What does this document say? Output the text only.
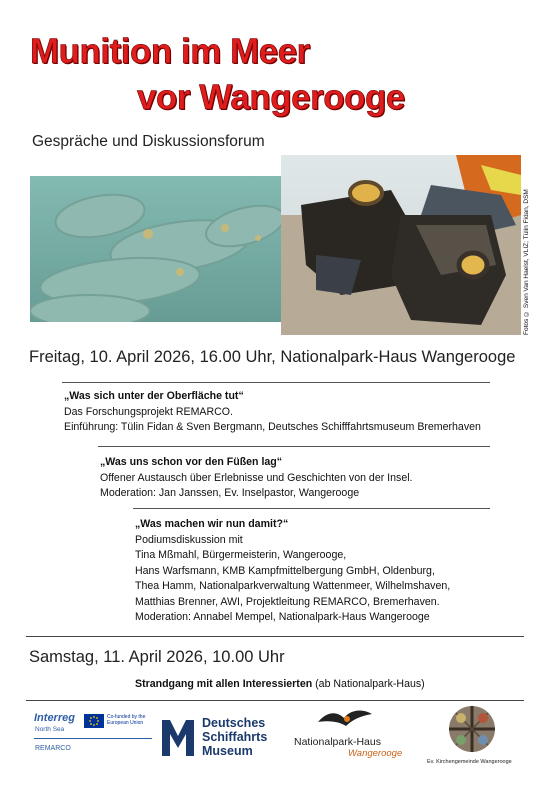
Munition im Meer
vor Wangerooge
Gespräche und Diskussionsforum
Fotos © Sven Van Haelst, VLIZ; Tülin Fidan, DSM
Freitag, 10. April 2026, 16.00 Uhr, Nationalpark-Haus Wangerooge
„Was sich unter der Oberfläche tut“
Das Forschungsprojekt REMARCO.
Einführung: Tülin Fidan & Sven Bergmann, Deutsches Schifffahrtsmuseum Bremerhaven
„Was uns schon vor den Füßen lag“
Offener Austausch über Erlebnisse und Geschichten von der Insel.
Moderation: Jan Janssen, Ev. Inselpastor, Wangerooge
„Was machen wir nun damit?“
Podiumsdiskussion mit
Tina Mßmahl, Bürgermeisterin, Wangerooge,
Hans Warfsmann, KMB Kampfmittelbergung GmbH, Oldenburg,
Thea Hamm, Nationalparkverwaltung Wattenmeer, Wilhelmshaven,
Matthias Brenner, AWI, Projektleitung REMARCO, Bremerhaven.
Moderation: Annabel Mempel, Nationalpark-Haus Wangerooge
Samstag, 11. April 2026, 10.00 Uhr
Strandgang mit allen Interessierten (ab Nationalpark-Haus)
Interreg
North Sea
Co-funded by the European Union
REMARCO
Deutsches
Schiffahrts
Museum
Nationalpark-Haus
Wangerooge
Ev. Kirchengemeinde Wangerooge
